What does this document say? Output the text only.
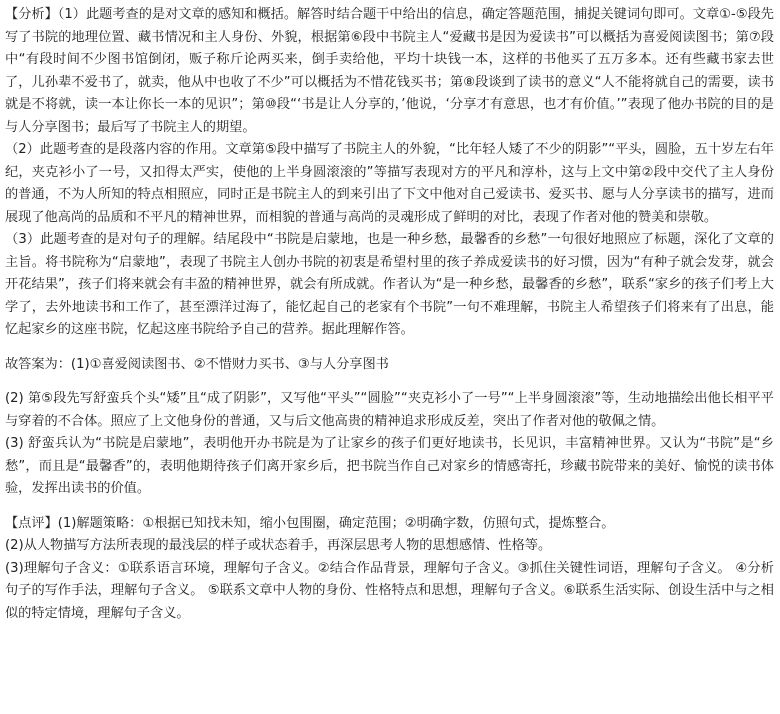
【分析】（1）此题考查的是对文章的感知和概括。解答时结合题干中给出的信息，确定答题范围，捕捉关键词句即可。文章①-⑤段先写了书院的地理位置、藏书情况和主人身份、外貌，根据第⑥段中书院主人“爱藏书是因为爱读书”可以概括为喜爱阅读图书；第⑦段中“有段时间不少图书馆倒闭，贩子称斤论两买来，倒手卖给他，平均十块钱一本，这样的书他买了五万多本。还有些藏书家去世了，儿孙辈不爱书了，就卖，他从中也收了不少”可以概括为不惜花钱买书；第⑧段谈到了读书的意义“人不能将就自己的需要，读书就是不将就，读一本让你长一本的见识”；第⑩段“‘书是让人分享的，’他说，‘分享才有意思，也才有价值。’”表现了他办书院的目的是与人分享图书；最后写了书院主人的期望。

（2）此题考查的是段落内容的作用。文章第⑤段中描写了书院主人的外貌，“比年轻人矮了不少的阴影”“平头，圆脸，五十岁左右年纪，夹克衫小了一号，又扣得太严实，使他的上半身圆滚滚的”等描写表现对方的平凡和淳朴，这与上文中第②段中交代了主人身份的普通，不为人所知的特点相照应，同时正是书院主人的到来引出了下文中他对自己爱读书、爱买书、愿与人分享读书的描写，进而展现了他高尚的品质和不平凡的精神世界，而相貌的普通与高尚的灵魂形成了鲜明的对比，表现了作者对他的赞美和崇敬。

（3）此题考查的是对句子的理解。结尾段中“书院是启蒙地，也是一种乡愁，最馨香的乡愁”一句很好地照应了标题，深化了文章的主旨。将书院称为“启蒙地”，表现了书院主人创办书院的初衷是希望村里的孩子养成爱读书的好习惯，因为“有种子就会发芽，就会开花结果”，孩子们将来就会有丰盈的精神世界，就会有所成就。作者认为“是一种乡愁，最馨香的乡愁”，联系“家乡的孩子们考上大学了，去外地读书和工作了，甚至漂洋过海了，能忆起自己的老家有个书院”一句不难理解，书院主人希望孩子们将来有了出息，能忆起家乡的这座书院，忆起这座书院给予自己的营养。据此理解作答。

故答案为：(1)①喜爱阅读图书、②不惜财力买书、③与人分享图书

(2) 第⑤段先写舒蛮兵个头“矮”且“成了阴影”，又写他“平头”“圆脸”“夹克衫小了一号”“上半身圆滚滚”等，生动地描绘出他长相平平与穿着的不合体。照应了上文他身份的普通，又与后文他高贵的精神追求形成反差，突出了作者对他的敬佩之情。

(3) 舒蛮兵认为“书院是启蒙地”，表明他开办书院是为了让家乡的孩子们更好地读书，长见识，丰富精神世界。又认为“书院”是“乡愁”，而且是“最馨香”的，表明他期待孩子们离开家乡后，把书院当作自己对家乡的情感寄托，珍藏书院带来的美好、愉悦的读书体验，发挥出读书的价值。

【点评】(1)解题策略：①根据已知找未知，缩小包围圈，确定范围；②明确字数，仿照句式，提炼整合。

(2)从人物描写方法所表现的最浅层的样子或状态着手，再深层思考人物的思想感情、性格等。

(3)理解句子含义：①联系语言环境，理解句子含义。②结合作品背景，理解句子含义。③抓住关键性词语，理解句子含义。 ④分析句子的写作手法，理解句子含义。 ⑤联系文章中人物的身份、性格特点和思想，理解句子含义。⑥联系生活实际、创设生活中与之相似的特定情境，理解句子含义。
